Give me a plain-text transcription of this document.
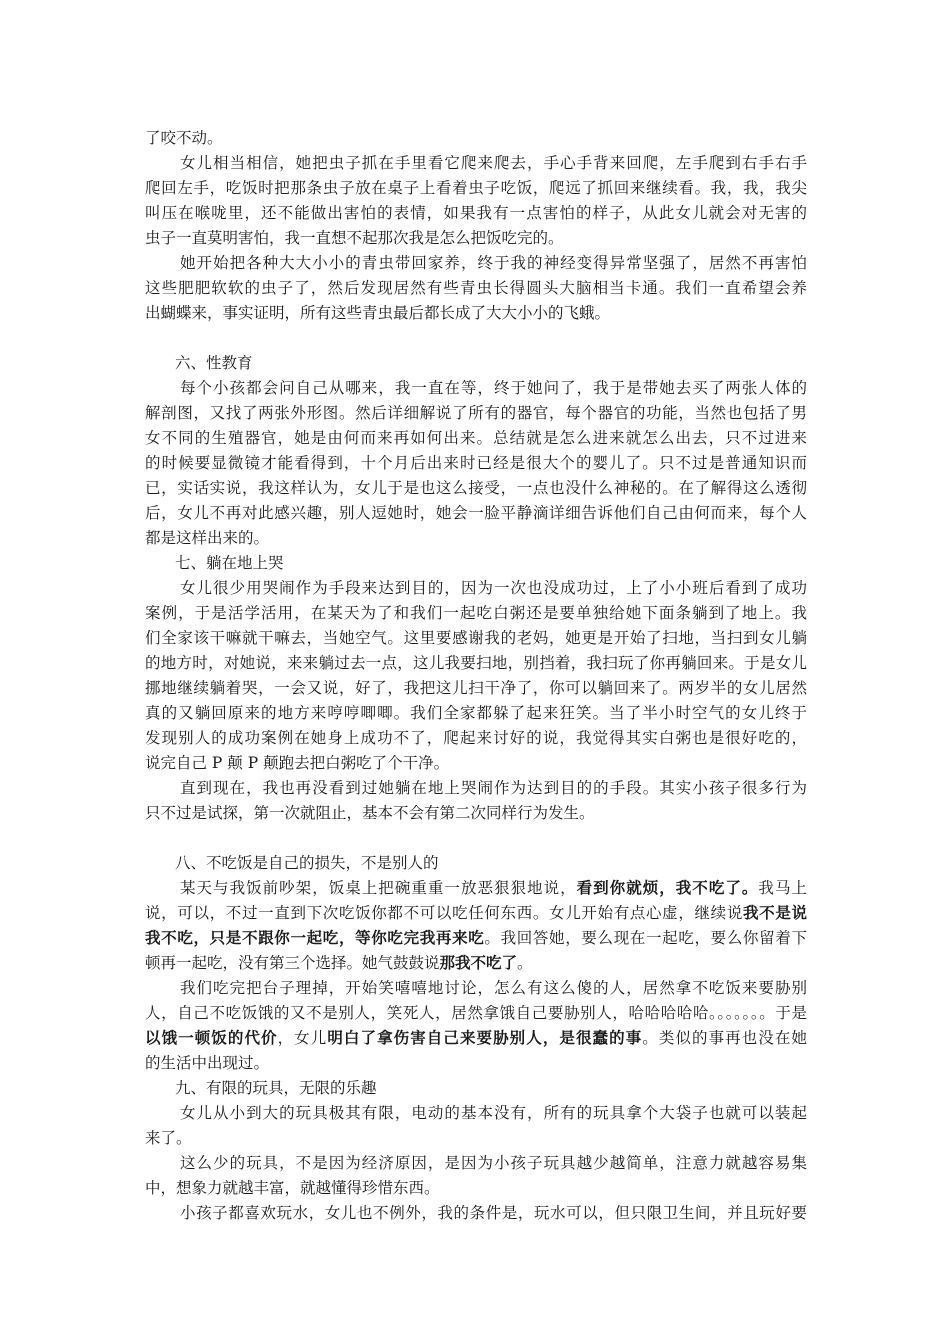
了咬不动。
女儿相当相信，她把虫子抓在手里看它爬来爬去，手心手背来回爬，左手爬到右手右手
爬回左手，吃饭时把那条虫子放在桌子上看着虫子吃饭，爬远了抓回来继续看。我，我，我尖
叫压在喉咙里，还不能做出害怕的表情，如果我有一点害怕的样子，从此女儿就会对无害的
虫子一直莫明害怕，我一直想不起那次我是怎么把饭吃完的。
她开始把各种大大小小的青虫带回家养，终于我的神经变得异常坚强了，居然不再害怕
这些肥肥软软的虫子了，然后发现居然有些青虫长得圆头大脑相当卡通。我们一直希望会养
出蝴蝶来，事实证明，所有这些青虫最后都长成了大大小小的飞蛾。
六、性教育
每个小孩都会问自己从哪来，我一直在等，终于她问了，我于是带她去买了两张人体的
解剖图，又找了两张外形图。然后详细解说了所有的器官，每个器官的功能，当然也包括了男
女不同的生殖器官，她是由何而来再如何出来。总结就是怎么进来就怎么出去，只不过进来
的时候要显微镜才能看得到，十个月后出来时已经是很大个的婴儿了。只不过是普通知识而
已，实话实说，我这样认为，女儿于是也这么接受，一点也没什么神秘的。在了解得这么透彻
后，女儿不再对此感兴趣，别人逗她时，她会一脸平静滴详细告诉他们自己由何而来，每个人
都是这样出来的。
七、躺在地上哭
女儿很少用哭闹作为手段来达到目的，因为一次也没成功过，上了小小班后看到了成功
案例，于是活学活用，在某天为了和我们一起吃白粥还是要单独给她下面条躺到了地上。我
们全家该干嘛就干嘛去，当她空气。这里要感谢我的老妈，她更是开始了扫地，当扫到女儿躺
的地方时，对她说，来来躺过去一点，这儿我要扫地，别挡着，我扫玩了你再躺回来。于是女儿
挪地继续躺着哭，一会又说，好了，我把这儿扫干净了，你可以躺回来了。两岁半的女儿居然
真的又躺回原来的地方来哼哼唧唧。我们全家都躲了起来狂笑。当了半小时空气的女儿终于
发现别人的成功案例在她身上成功不了，爬起来讨好的说，我觉得其实白粥也是很好吃的，
说完自己 P 颠 P 颠跑去把白粥吃了个干净。
直到现在，我也再没看到过她躺在地上哭闹作为达到目的的手段。其实小孩子很多行为
只不过是试探，第一次就阻止，基本不会有第二次同样行为发生。
八、不吃饭是自己的损失，不是别人的
某天与我饭前吵架，饭桌上把碗重重一放恶狠狠地说，看到你就烦，我不吃了。我马上
说，可以，不过一直到下次吃饭你都不可以吃任何东西。女儿开始有点心虚，继续说我不是说
我不吃，只是不跟你一起吃，等你吃完我再来吃。我回答她，要么现在一起吃，要么你留着下
顿再一起吃，没有第三个选择。她气鼓鼓说那我不吃了。
我们吃完把台子理掉，开始笑嘻嘻地讨论，怎么有这么傻的人，居然拿不吃饭来要胁别
人，自己不吃饭饿的又不是别人，笑死人，居然拿饿自己要胁别人，哈哈哈哈哈。。。。。。。于是
以饿一顿饭的代价，女儿明白了拿伤害自己来要胁别人，是很蠢的事。类似的事再也没在她
的生活中出现过。
九、有限的玩具，无限的乐趣
女儿从小到大的玩具极其有限，电动的基本没有，所有的玩具拿个大袋子也就可以装起
来了。
这么少的玩具，不是因为经济原因，是因为小孩子玩具越少越简单，注意力就越容易集
中，想象力就越丰富，就越懂得珍惜东西。
小孩子都喜欢玩水，女儿也不例外，我的条件是，玩水可以，但只限卫生间，并且玩好要
